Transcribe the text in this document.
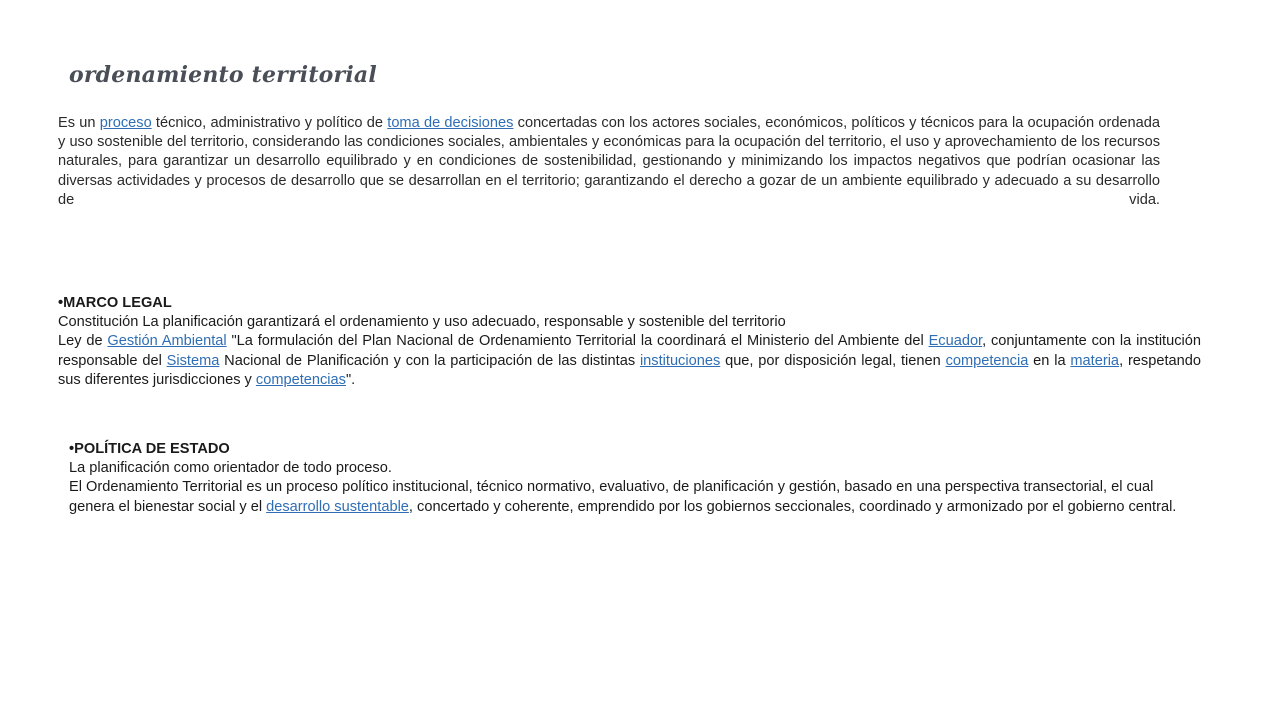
ordenamiento territorial

Es un proceso técnico, administrativo y político de toma de decisiones concertadas con los actores sociales, económicos, políticos y técnicos para la ocupación ordenada y uso sostenible del territorio, considerando las condiciones sociales, ambientales y económicas para la ocupación del territorio, el uso y aprovechamiento de los recursos naturales, para garantizar un desarrollo equilibrado y en condiciones de sostenibilidad, gestionando y minimizando los impactos negativos que podrían ocasionar las diversas actividades y procesos de desarrollo que se desarrollan en el territorio; garantizando el derecho a gozar de un ambiente equilibrado y adecuado a su desarrollo de vida.

•MARCO LEGAL
Constitución La planificación garantizará el ordenamiento y uso adecuado, responsable y sostenible del territorio
Ley de Gestión Ambiental "La formulación del Plan Nacional de Ordenamiento Territorial la coordinará el Ministerio del Ambiente del Ecuador, conjuntamente con la institución responsable del Sistema Nacional de Planificación y con la participación de las distintas instituciones que, por disposición legal, tienen competencia en la materia, respetando sus diferentes jurisdicciones y competencias".
•POLÍTICA DE ESTADO
La planificación como orientador de todo proceso.
El Ordenamiento Territorial es un proceso político institucional, técnico normativo, evaluativo, de planificación y gestión, basado en una perspectiva transectorial, el cual genera el bienestar social y el desarrollo sustentable, concertado y coherente, emprendido por los gobiernos seccionales, coordinado y armonizado por el gobierno central.
